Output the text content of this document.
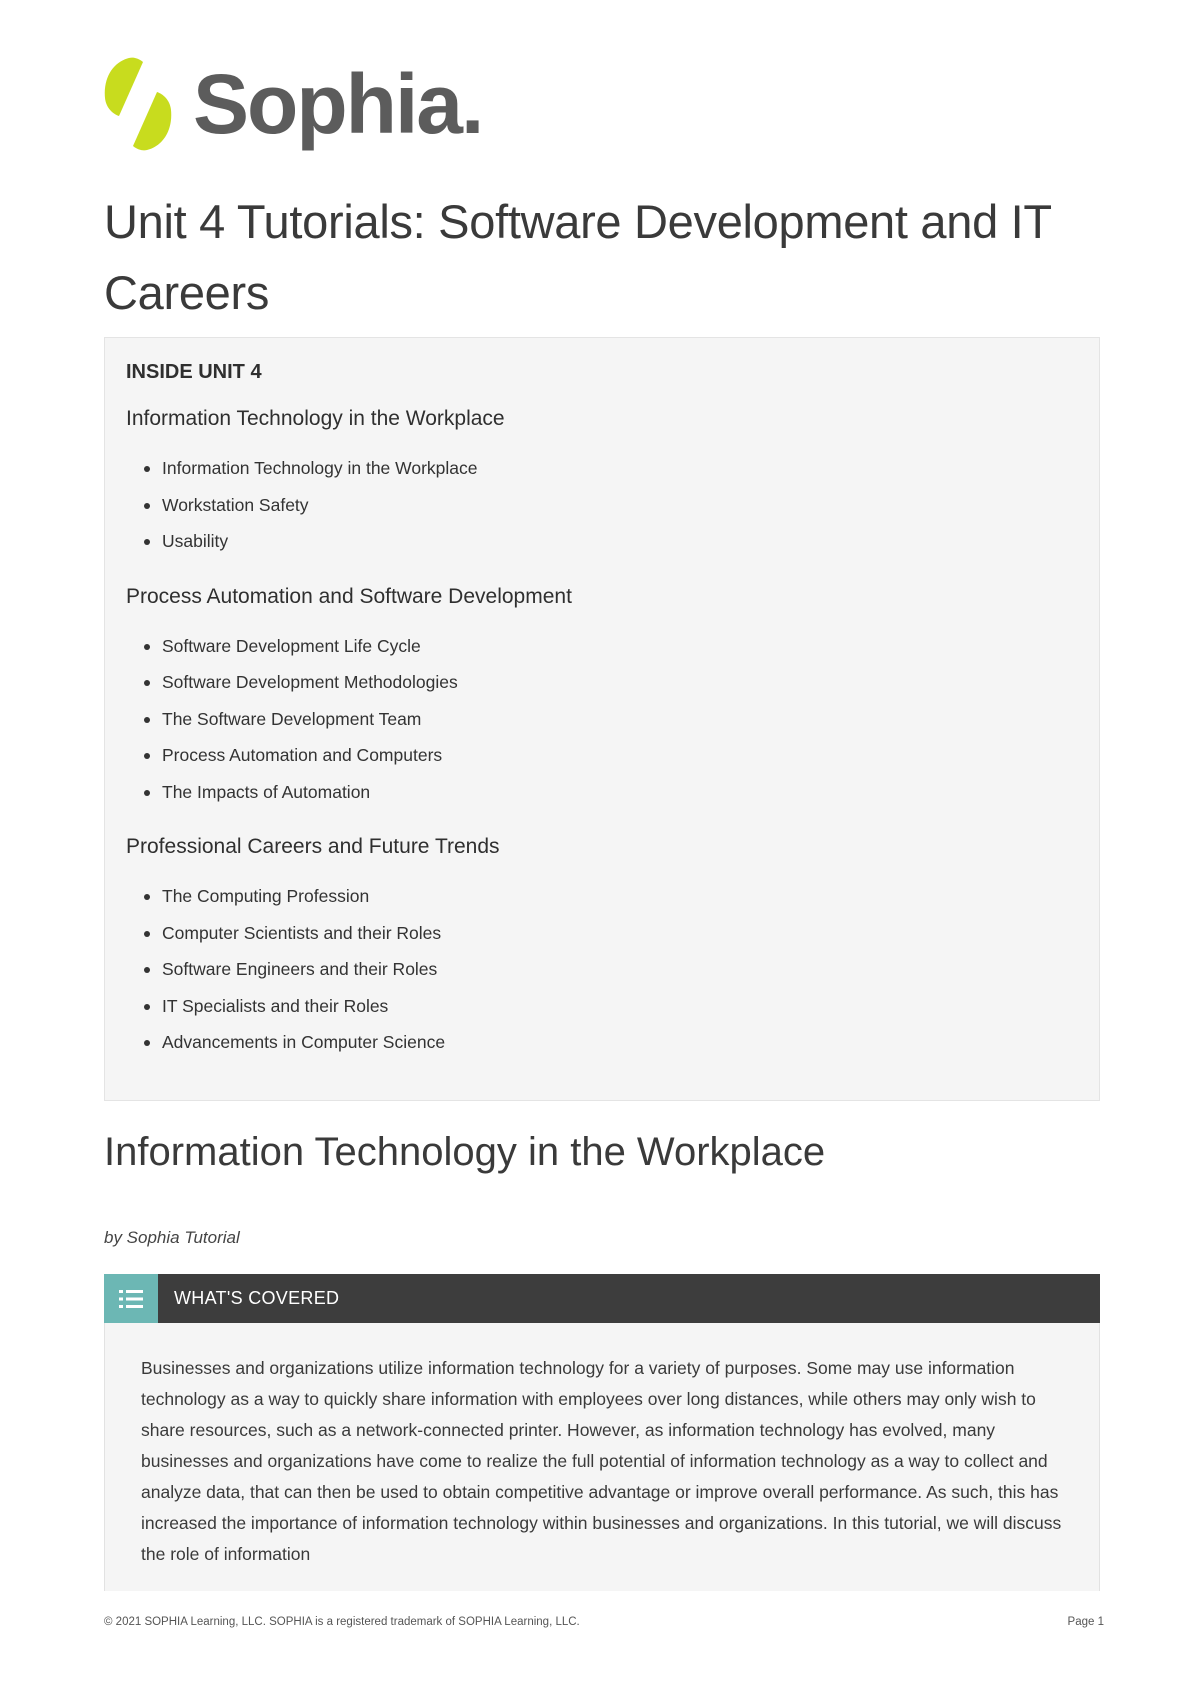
Sophia.
Unit 4 Tutorials: Software Development and IT Careers
INSIDE UNIT 4
Information Technology in the Workplace
Information Technology in the Workplace
Workstation Safety
Usability
Process Automation and Software Development
Software Development Life Cycle
Software Development Methodologies
The Software Development Team
Process Automation and Computers
The Impacts of Automation
Professional Careers and Future Trends
The Computing Profession
Computer Scientists and their Roles
Software Engineers and their Roles
IT Specialists and their Roles
Advancements in Computer Science
Information Technology in the Workplace
by Sophia Tutorial
WHAT'S COVERED
Businesses and organizations utilize information technology for a variety of purposes. Some may use information technology as a way to quickly share information with employees over long distances, while others may only wish to share resources, such as a network-connected printer. However, as information technology has evolved, many businesses and organizations have come to realize the full potential of information technology as a way to collect and analyze data, that can then be used to obtain competitive advantage or improve overall performance. As such, this has increased the importance of information technology within businesses and organizations. In this tutorial, we will discuss the role of information
© 2021 SOPHIA Learning, LLC. SOPHIA is a registered trademark of SOPHIA Learning, LLC.	Page 1
